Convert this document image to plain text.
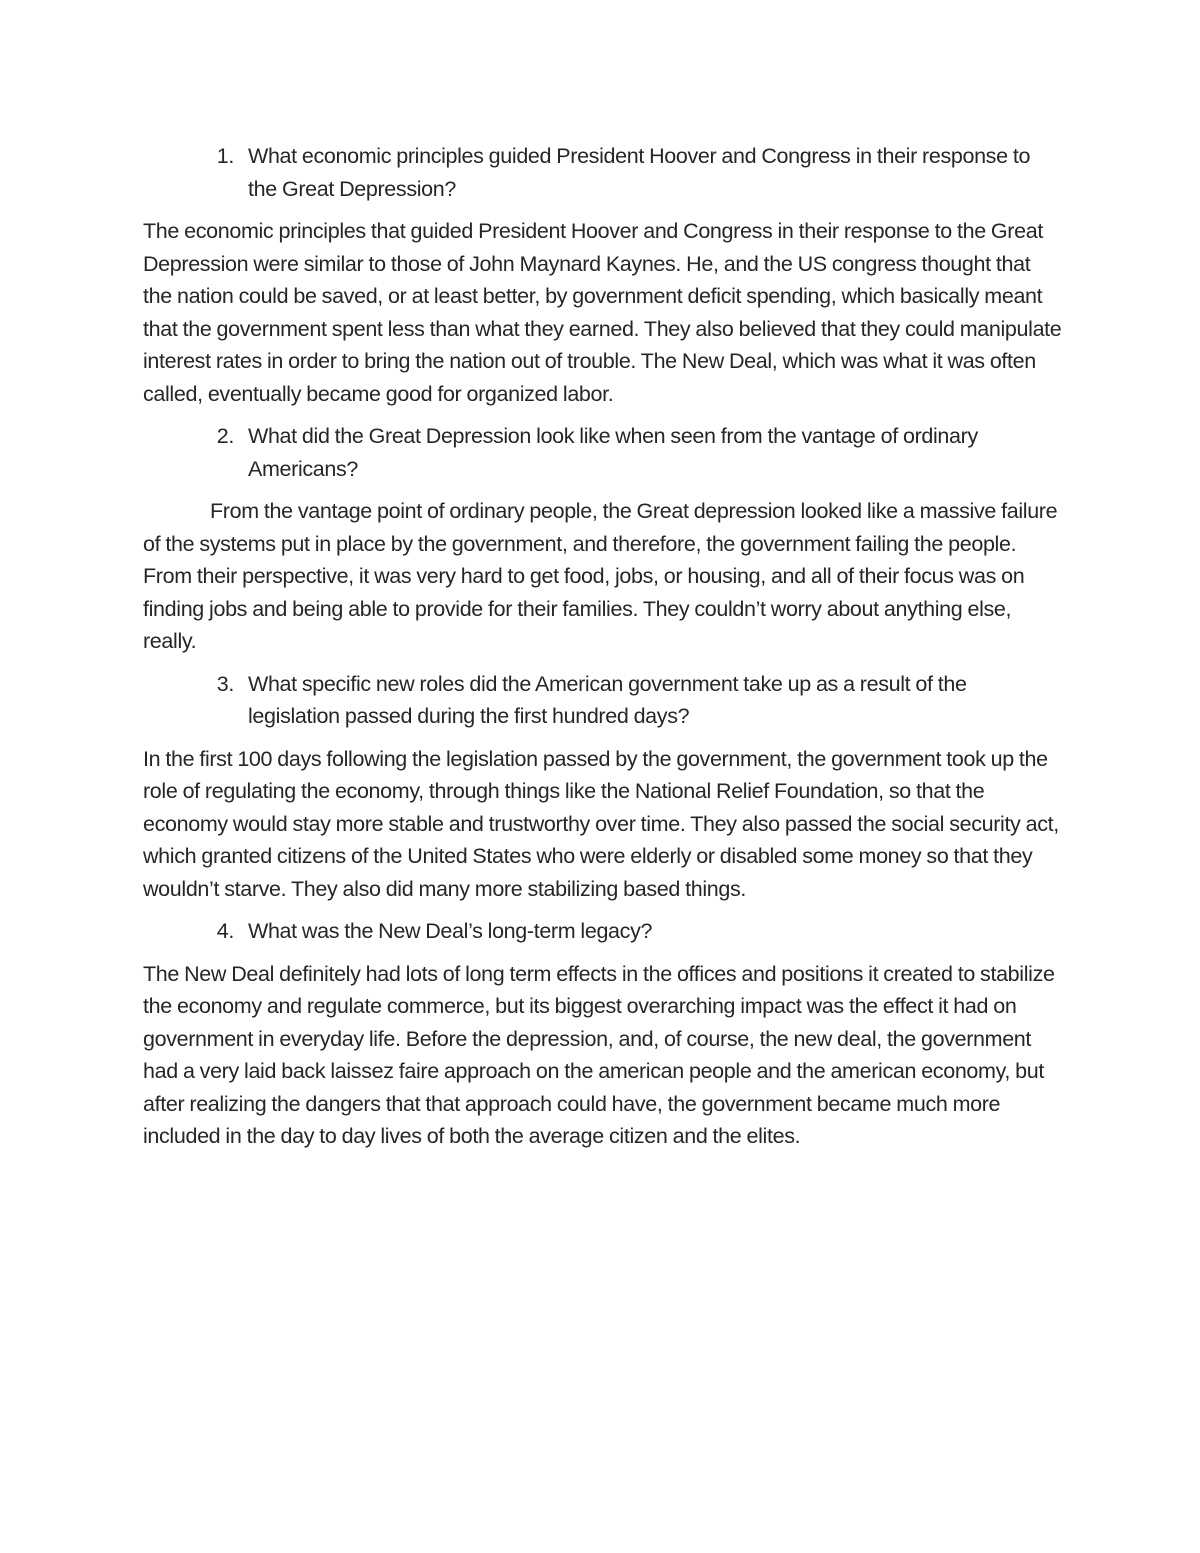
1. What economic principles guided President Hoover and Congress in their response to the Great Depression?

The economic principles that guided President Hoover and Congress in their response to the Great Depression were similar to those of John Maynard Kaynes. He, and the US congress thought that the nation could be saved, or at least better, by government deficit spending, which basically meant that the government spent less than what they earned. They also believed that they could manipulate interest rates in order to bring the nation out of trouble. The New Deal, which was what it was often called, eventually became good for organized labor.

2. What did the Great Depression look like when seen from the vantage of ordinary Americans?

From the vantage point of ordinary people, the Great depression looked like a massive failure of the systems put in place by the government, and therefore, the government failing the people. From their perspective, it was very hard to get food, jobs, or housing, and all of their focus was on finding jobs and being able to provide for their families. They couldn’t worry about anything else, really.

3. What specific new roles did the American government take up as a result of the legislation passed during the first hundred days?

In the first 100 days following the legislation passed by the government, the government took up the role of regulating the economy, through things like the National Relief Foundation, so that the economy would stay more stable and trustworthy over time. They also passed the social security act, which granted citizens of the United States who were elderly or disabled some money so that they wouldn’t starve. They also did many more stabilizing based things.

4. What was the New Deal’s long-term legacy?

The New Deal definitely had lots of long term effects in the offices and positions it created to stabilize the economy and regulate commerce, but its biggest overarching impact was the effect it had on government in everyday life. Before the depression, and, of course, the new deal, the government had a very laid back laissez faire approach on the american people and the american economy, but after realizing the dangers that that approach could have, the government became much more included in the day to day lives of both the average citizen and the elites.
